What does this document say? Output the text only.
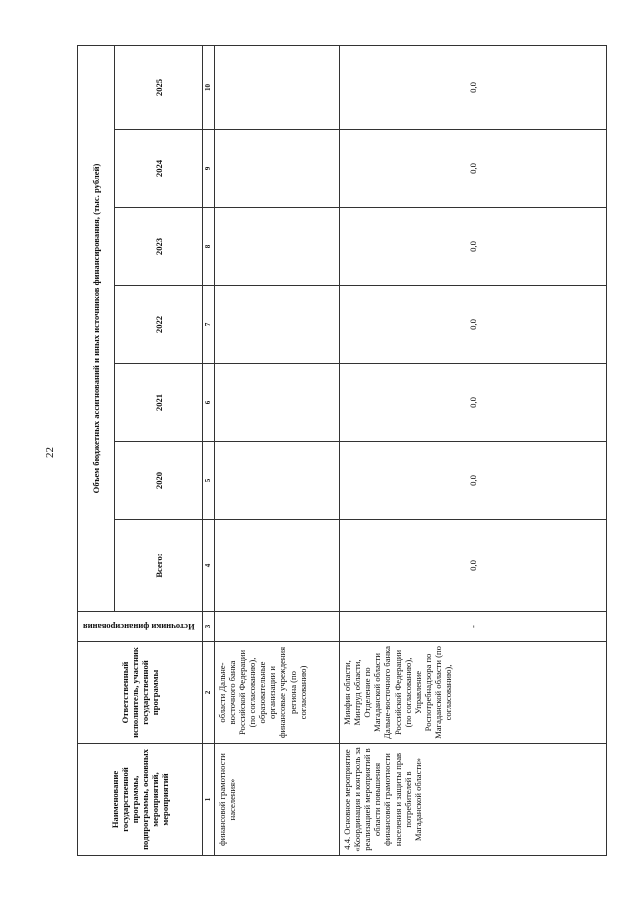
22
Наименование государственной программы, подпрограммы, основных мероприятий, мероприятий	Ответственный исполнитель, участник государственной программы	Источники финансирования	Объем бюджетных ассигнований и иных источников финансирования, (тыс. рублей)						
			Всего:	2020	2021	2022	2023	2024	2025
1	2	3	4	5	6	7	8	9	10
финансовой грамотности населения»	области Дальне-восточного банка Российской Федерации (по согласованию), образовательные организации и финансовые учреждения региона (по согласованию)								
4.4. Основное мероприятие «Координация и контроль за реализацией мероприятий в области повышения финансовой грамотности населения и защиты прав потребителей в Магаданской области»	Минфин области, Минтруд области, Отделение по Магаданской области Дальне-восточного банка Российской Федерации (по согласованию), Управление Роспотребнадзора по Магаданской области (по согласованию),	-	0,0	0,0	0,0	0,0	0,0	0,0	0,0
